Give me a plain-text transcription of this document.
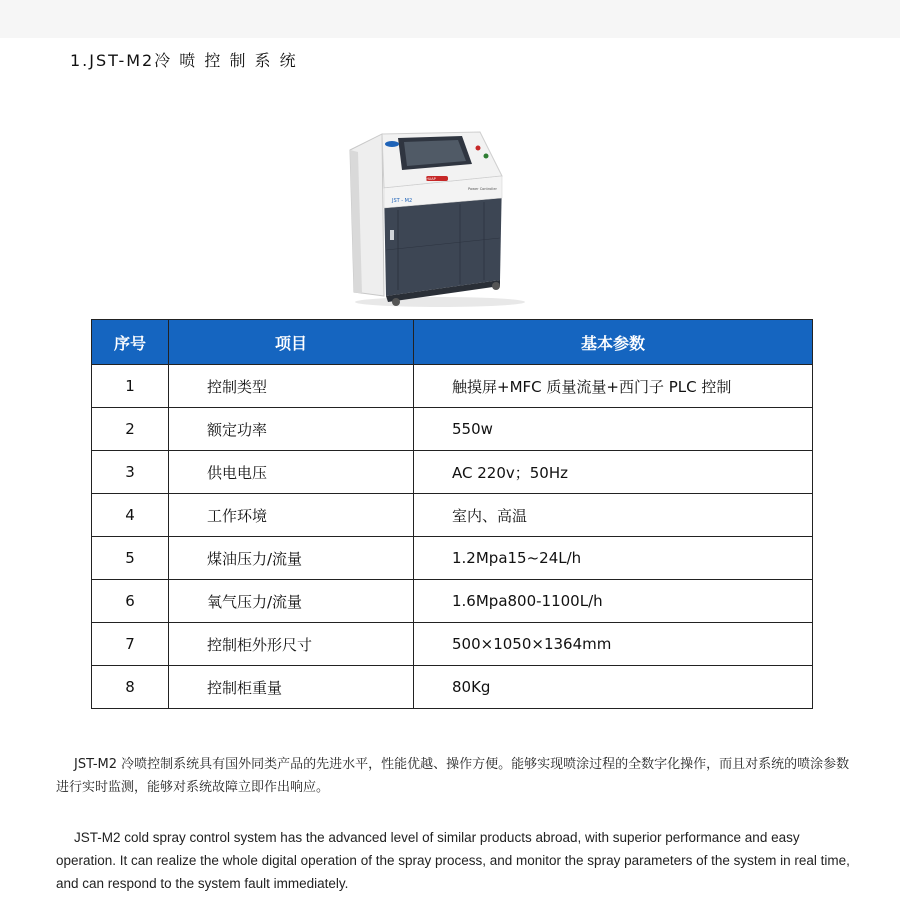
1.JST-M2冷 喷 控 制 系 统
JST - M2
Power Controller
HUAP
序号	项目	基本参数
1	控制类型	触摸屏+MFC 质量流量+西门子 PLC 控制
2	额定功率	550w
3	供电电压	AC 220v；50Hz
4	工作环境	室内、高温
5	煤油压力/流量	1.2Mpa15~24L/h
6	氧气压力/流量	1.6Mpa800-1100L/h
7	控制柜外形尺寸	500×1050×1364mm
8	控制柜重量	80Kg

JST-M2 冷喷控制系统具有国外同类产品的先进水平，性能优越、操作方便。能够实现喷涂过程的全数字化操作，而且对系统的喷涂参数进行实时监测，能够对系统故障立即作出响应。

JST-M2 cold spray control system has the advanced level of similar products abroad, with superior performance and easy operation. It can realize the whole digital operation of the spray process, and monitor the spray parameters of the system in real time, and can respond to the system fault immediately.
